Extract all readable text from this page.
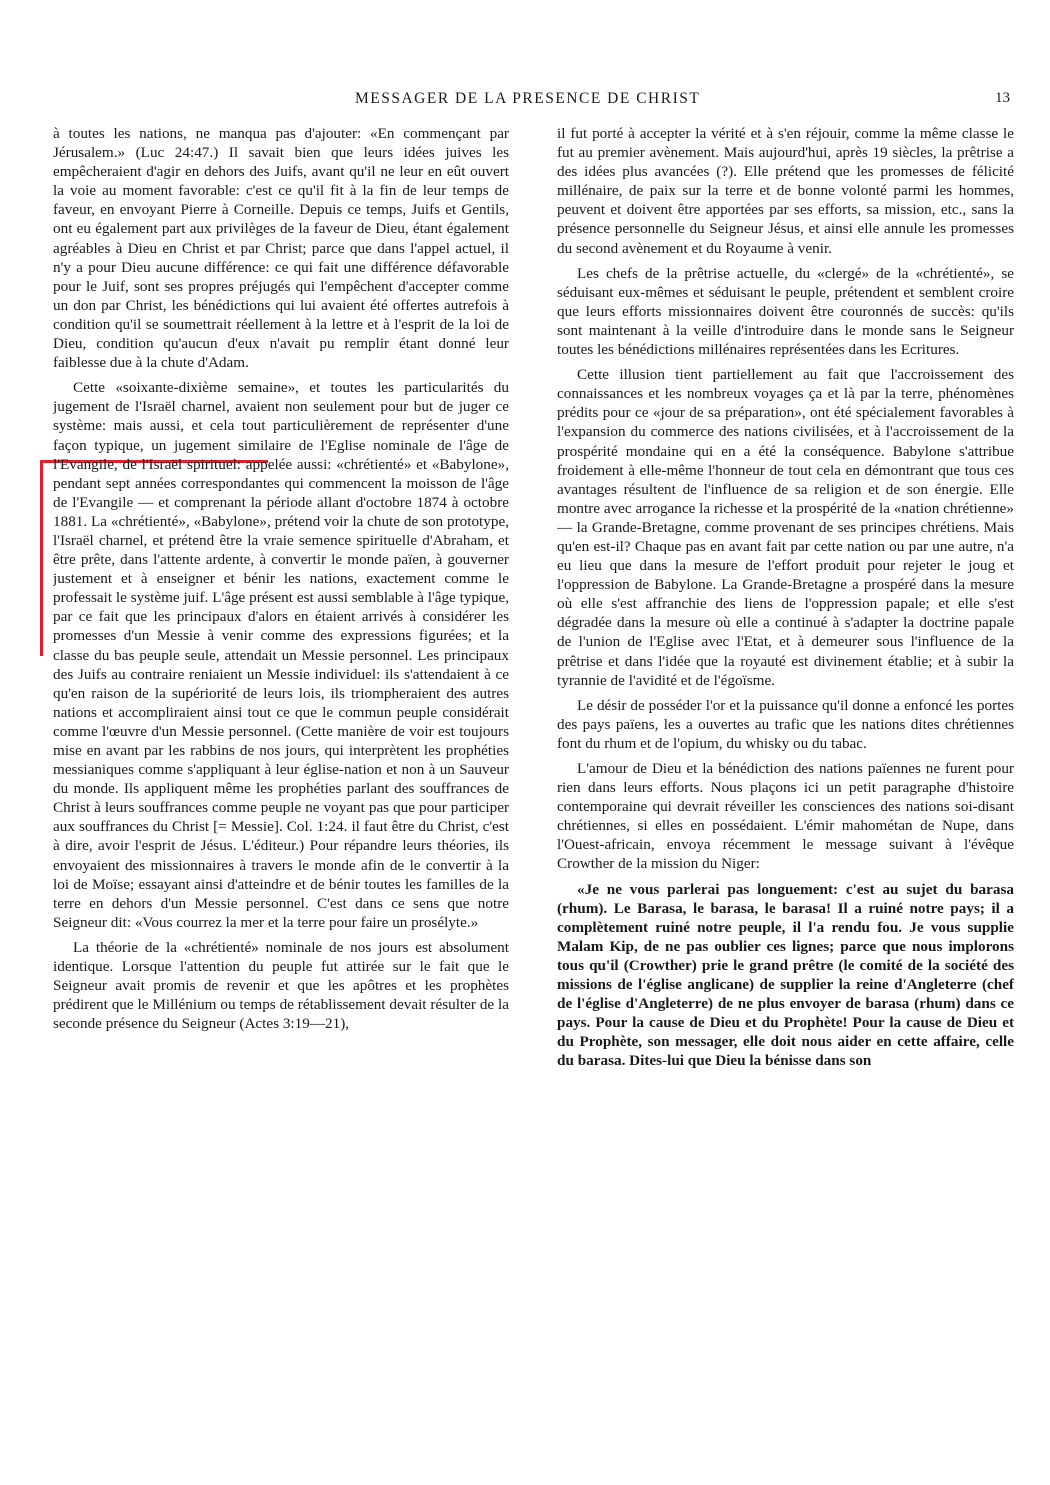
MESSAGER DE LA PRESENCE DE CHRIST	13

à toutes les nations, ne manqua pas d'ajouter: «En commençant par Jérusalem.» (Luc 24:47.) Il savait bien que leurs idées juives les empêcheraient d'agir en dehors des Juifs, avant qu'il ne leur en eût ouvert la voie au moment favorable: c'est ce qu'il fit à la fin de leur temps de faveur, en envoyant Pierre à Corneille. Depuis ce temps, Juifs et Gentils, ont eu également part aux privilèges de la faveur de Dieu, étant également agréables à Dieu en Christ et par Christ; parce que dans l'appel actuel, il n'y a pour Dieu aucune différence: ce qui fait une différence défavorable pour le Juif, sont ses propres préjugés qui l'empêchent d'accepter comme un don par Christ, les bénédictions qui lui avaient été offertes autrefois à condition qu'il se soumettrait réellement à la lettre et à l'esprit de la loi de Dieu, condition qu'aucun d'eux n'avait pu remplir étant donné leur faiblesse due à la chute d'Adam.

Cette «soixante-dixième semaine», et toutes les particularités du jugement de l'Israël charnel, avaient non seulement pour but de juger ce système: mais aussi, et cela tout particulièrement de représenter d'une façon typique, un jugement similaire de l'Eglise nominale de l'âge de l'Evangile, de l'Israël spirituel: appelée aussi: «chrétienté» et «Babylone», pendant sept années correspondantes qui commencent la moisson de l'âge de l'Evangile — et comprenant la période allant d'octobre 1874 à octobre 1881. La «chrétienté», «Babylone», prétend voir la chute de son prototype, l'Israël charnel, et prétend être la vraie semence spirituelle d'Abraham, et être prête, dans l'attente ardente, à convertir le monde païen, à gouverner justement et à enseigner et bénir les nations, exactement comme le professait le système juif. L'âge présent est aussi semblable à l'âge typique, par ce fait que les principaux d'alors en étaient arrivés à considérer les promesses d'un Messie à venir comme des expressions figurées; et la classe du bas peuple seule, attendait un Messie personnel. Les principaux des Juifs au contraire reniaient un Messie individuel: ils s'attendaient à ce qu'en raison de la supériorité de leurs lois, ils triompheraient des autres nations et accompliraient ainsi tout ce que le commun peuple considérait comme l'œuvre d'un Messie personnel. (Cette manière de voir est toujours mise en avant par les rabbins de nos jours, qui interprètent les prophéties messianiques comme s'appliquant à leur église-nation et non à un Sauveur du monde. Ils appliquent même les prophéties parlant des souffrances de Christ à leurs souffrances comme peuple ne voyant pas que pour participer aux souffrances du Christ [= Messie]. Col. 1:24. il faut être du Christ, c'est à dire, avoir l'esprit de Jésus. L'éditeur.) Pour répandre leurs théories, ils envoyaient des missionnaires à travers le monde afin de le convertir à la loi de Moïse; essayant ainsi d'atteindre et de bénir toutes les familles de la terre en dehors d'un Messie personnel. C'est dans ce sens que notre Seigneur dit: «Vous courrez la mer et la terre pour faire un prosélyte.»

La théorie de la «chrétienté» nominale de nos jours est absolument identique. Lorsque l'attention du peuple fut attirée sur le fait que le Seigneur avait promis de revenir et que les apôtres et les prophètes prédirent que le Millénium ou temps de rétablissement devait résulter de la seconde présence du Seigneur (Actes 3:19—21),

il fut porté à accepter la vérité et à s'en réjouir, comme la même classe le fut au premier avènement. Mais aujourd'hui, après 19 siècles, la prêtrise a des idées plus avancées (?). Elle prétend que les promesses de félicité millénaire, de paix sur la terre et de bonne volonté parmi les hommes, peuvent et doivent être apportées par ses efforts, sa mission, etc., sans la présence personnelle du Seigneur Jésus, et ainsi elle annule les promesses du second avènement et du Royaume à venir.

Les chefs de la prêtrise actuelle, du «clergé» de la «chrétienté», se séduisant eux-mêmes et séduisant le peuple, prétendent et semblent croire que leurs efforts missionnaires doivent être couronnés de succès: qu'ils sont maintenant à la veille d'introduire dans le monde sans le Seigneur toutes les bénédictions millénaires représentées dans les Ecritures.

Cette illusion tient partiellement au fait que l'accroissement des connaissances et les nombreux voyages ça et là par la terre, phénomènes prédits pour ce «jour de sa préparation», ont été spécialement favorables à l'expansion du commerce des nations civilisées, et à l'accroissement de la prospérité mondaine qui en a été la conséquence. Babylone s'attribue froidement à elle-même l'honneur de tout cela en démontrant que tous ces avantages résultent de l'influence de sa religion et de son énergie. Elle montre avec arrogance la richesse et la prospérité de la «nation chrétienne» — la Grande-Bretagne, comme provenant de ses principes chrétiens. Mais qu'en est-il? Chaque pas en avant fait par cette nation ou par une autre, n'a eu lieu que dans la mesure de l'effort produit pour rejeter le joug et l'oppression de Babylone. La Grande-Bretagne a prospéré dans la mesure où elle s'est affranchie des liens de l'oppression papale; et elle s'est dégradée dans la mesure où elle a continué à s'adapter la doctrine papale de l'union de l'Eglise avec l'Etat, et à demeurer sous l'influence de la prêtrise et dans l'idée que la royauté est divinement établie; et à subir la tyrannie de l'avidité et de l'égoïsme.

Le désir de posséder l'or et la puissance qu'il donne a enfoncé les portes des pays païens, les a ouvertes au trafic que les nations dites chrétiennes font du rhum et de l'opium, du whisky ou du tabac.

L'amour de Dieu et la bénédiction des nations païennes ne furent pour rien dans leurs efforts. Nous plaçons ici un petit paragraphe d'histoire contemporaine qui devrait réveiller les consciences des nations soi-disant chrétiennes, si elles en possédaient. L'émir mahométan de Nupe, dans l'Ouest-africain, envoya récemment le message suivant à l'évêque Crowther de la mission du Niger:

«Je ne vous parlerai pas longuement: c'est au sujet du barasa (rhum). Le Barasa, le barasa, le barasa! Il a ruiné notre pays; il a complètement ruiné notre peuple, il l'a rendu fou. Je vous supplie Malam Kip, de ne pas oublier ces lignes; parce que nous implorons tous qu'il (Crowther) prie le grand prêtre (le comité de la société des missions de l'église anglicane) de supplier la reine d'Angleterre (chef de l'église d'Angleterre) de ne plus envoyer de barasa (rhum) dans ce pays. Pour la cause de Dieu et du Prophète! Pour la cause de Dieu et du Prophète, son messager, elle doit nous aider en cette affaire, celle du barasa. Dites-lui que Dieu la bénisse dans son
